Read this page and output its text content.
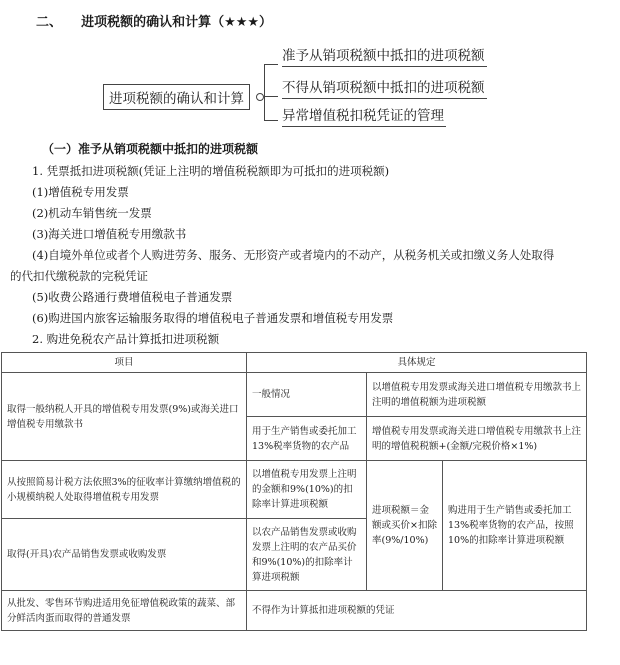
二、 进项税额的确认和计算（★★★）
进项税额的确认和计算
准予从销项税额中抵扣的进项税额
不得从销项税额中抵扣的进项税额
异常增值税扣税凭证的管理
（一）准予从销项税额中抵扣的进项税额
1. 凭票抵扣进项税额(凭证上注明的增值税税额即为可抵扣的进项税额)
(1)增值税专用发票
(2)机动车销售统一发票
(3)海关进口增值税专用缴款书
(4)自境外单位或者个人购进劳务、服务、无形资产或者境内的不动产，从税务机关或扣缴义务人处取得
的代扣代缴税款的完税凭证
(5)收费公路通行费增值税电子普通发票
(6)购进国内旅客运输服务取得的增值税电子普通发票和增值税专用发票
2. 购进免税农产品计算抵扣进项税额
项目	具体规定		
取得一般纳税人开具的增值税专用发票(9%)或海关进口增值税专用缴款书	一般情况	以增值税专用发票或海关进口增值税专用缴款书上注明的增值税额为进项税额	
	用于生产销售或委托加工13%税率货物的农产品	增值税专用发票或海关进口增值税专用缴款书上注明的增值税税额+(金额/完税价格×1%)	
从按照简易计税方法依照3%的征收率计算缴纳增值税的小规模纳税人处取得增值税专用发票	以增值税专用发票上注明的金额和9%(10%)的扣除率计算进项税额	进项税额＝金额或买价×扣除率(9%/10%)	购进用于生产销售或委托加工13%税率货物的农产品，按照10%的扣除率计算进项税额
取得(开具)农产品销售发票或收购发票	以农产品销售发票或收购发票上注明的农产品买价和9%(10%)的扣除率计算进项税额		
从批发、零售环节购进适用免征增值税政策的蔬菜、部分鲜活肉蛋而取得的普通发票	不得作为计算抵扣进项税额的凭证		
